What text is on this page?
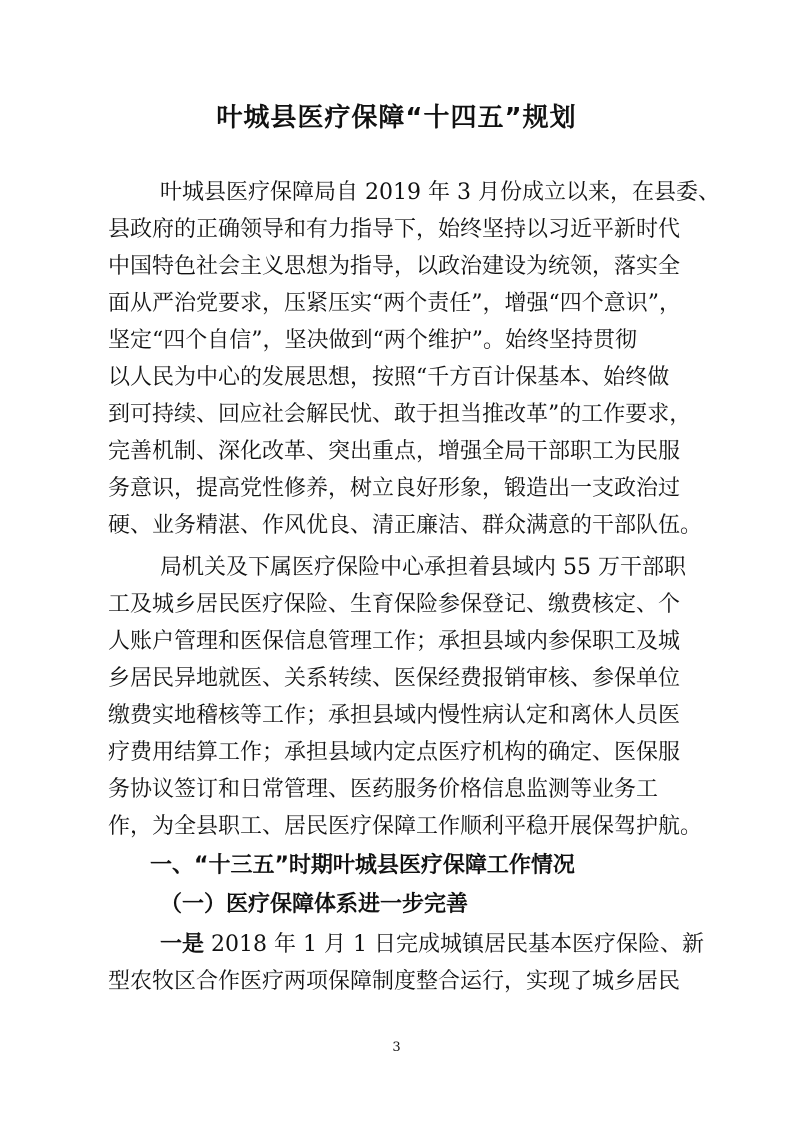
叶城县医疗保障“十四五”规划

叶城县医疗保障局自 2019 年 3 月份成立以来，在县委、

县政府的正确领导和有力指导下，始终坚持以习近平新时代

中国特色社会主义思想为指导，以政治建设为统领，落实全

面从严治党要求，压紧压实“两个责任”，增强“四个意识”，

坚定“四个自信”，坚决做到“两个维护”。始终坚持贯彻

以人民为中心的发展思想，按照“千方百计保基本、始终做

到可持续、回应社会解民忧、敢于担当推改革”的工作要求，

完善机制、深化改革、突出重点，增强全局干部职工为民服

务意识，提高党性修养，树立良好形象，锻造出一支政治过

硬、业务精湛、作风优良、清正廉洁、群众满意的干部队伍。

局机关及下属医疗保险中心承担着县域内 55 万干部职

工及城乡居民医疗保险、生育保险参保登记、缴费核定、个

人账户管理和医保信息管理工作；承担县域内参保职工及城

乡居民异地就医、关系转续、医保经费报销审核、参保单位

缴费实地稽核等工作；承担县域内慢性病认定和离休人员医

疗费用结算工作；承担县域内定点医疗机构的确定、医保服

务协议签订和日常管理、医药服务价格信息监测等业务工

作，为全县职工、居民医疗保障工作顺利平稳开展保驾护航。

一、“十三五”时期叶城县医疗保障工作情况
（一）医疗保障体系进一步完善

一是 2018 年 1 月 1 日完成城镇居民基本医疗保险、新

型农牧区合作医疗两项保障制度整合运行，实现了城乡居民

3
